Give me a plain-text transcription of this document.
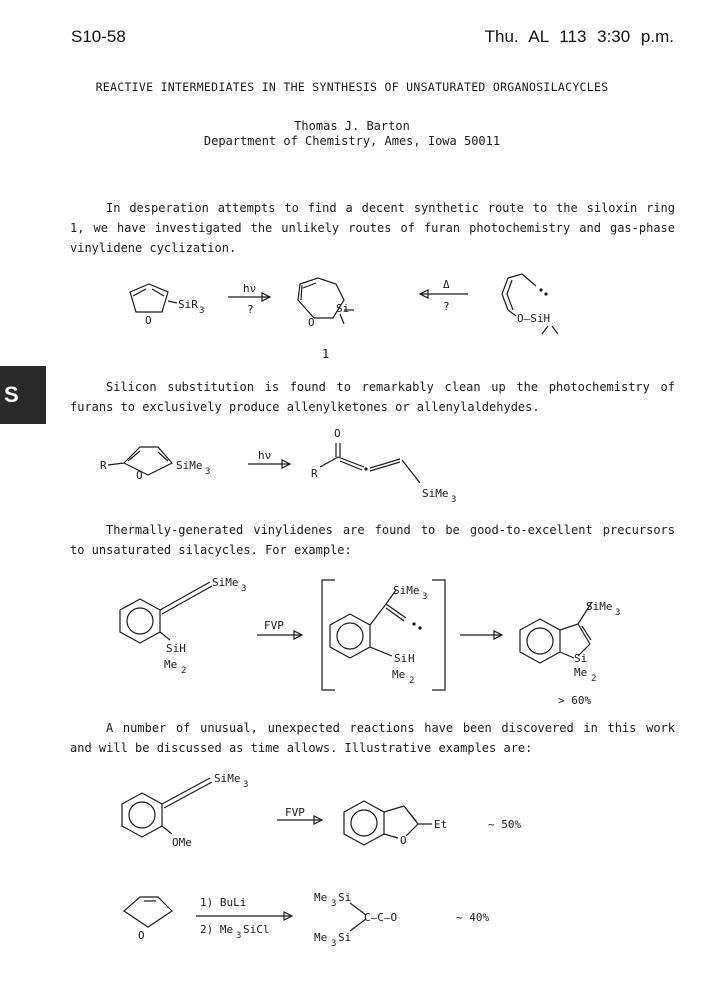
S10-58	Thu. AL 113 3:30 p.m.
REACTIVE INTERMEDIATES IN THE SYNTHESIS OF UNSATURATED ORGANOSILACYCLES
Thomas J. Barton
Department of Chemistry, Ames, Iowa 50011

In desperation attempts to find a decent synthetic route to the siloxin ring 1, we have investigated the unlikely routes of furan photochemistry and gas-phase vinylidene cyclization.

O
SiR 3
hν
?
O
Si
Δ
?
O—SiH
1
S	Silicon substitution is found to remarkably clean up the photochemistry of furans to exclusively produce allenylketones or allenylaldehydes.

R
O
SiMe 3
hν
O
R
SiMe 3

Thermally-generated vinylidenes are found to be good-to-excellent precursors to unsaturated silacycles. For example:

SiMe 3
SiH
Me 2
FVP
SiMe 3
Si H
Me 2
SiMe 3
Si
Me 2
> 60%

A number of unusual, unexpected reactions have been discovered in this work and will be discussed as time allows. Illustrative examples are:

SiMe 3
OMe
FVP
O
Et	~ 50%
O
1) BuLi
2) Me 3 SiCl
Me 3 Si
Me 3 Si
C—C—O	~ 40%
